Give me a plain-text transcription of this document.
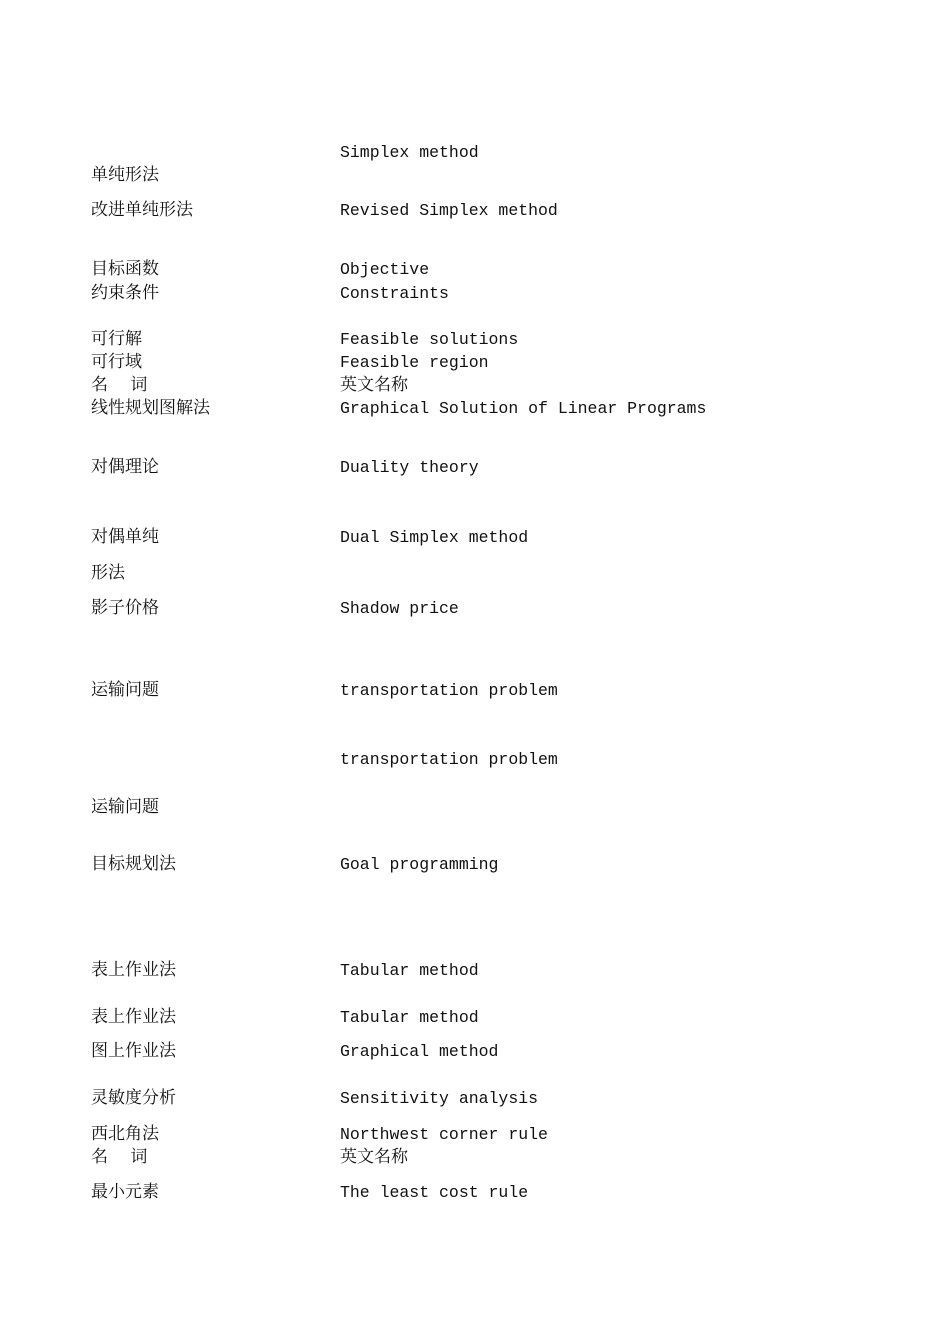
单纯形法
改进单纯形法
目标函数
约束条件
可行解
可行域
名　 词
线性规划图解法
对偶理论
对偶单纯
形法
影子价格
运输问题
运输问题
目标规划法
表上作业法
表上作业法
图上作业法
灵敏度分析
西北角法
名　 词
最小元素
Simplex method
Revised Simplex method
Objective
Constraints
Feasible solutions
Feasible region
英文名称
Graphical Solution of Linear Programs
Duality theory
Dual Simplex method
Shadow price
transportation problem
transportation problem
Goal programming
Tabular method
Tabular method
Graphical method
Sensitivity analysis
Northwest corner rule
英文名称
The least cost rule
